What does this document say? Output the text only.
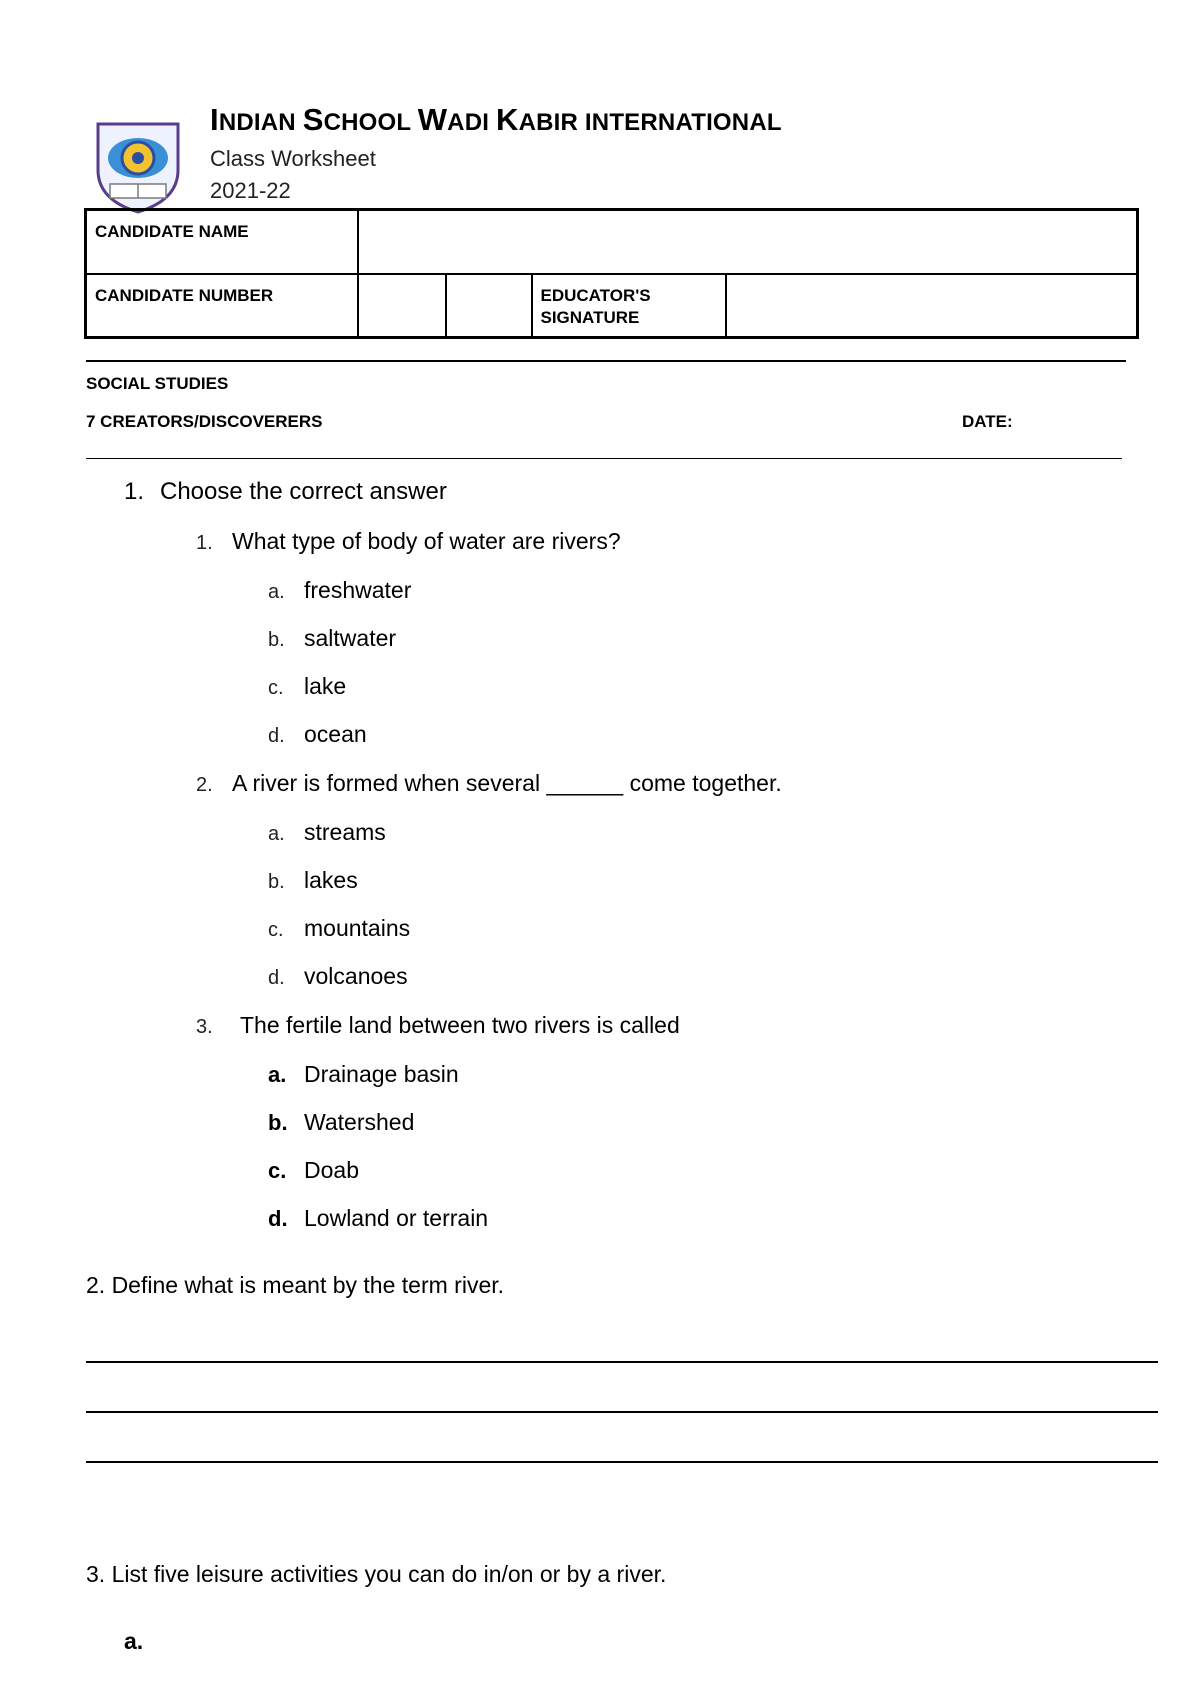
INDIAN SCHOOL WADI KABIR INTERNATIONAL
Class Worksheet
2021-22
CANDIDATE NAME				
CANDIDATE NUMBER			EDUCATOR'S SIGNATURE	
SOCIAL STUDIES
7 CREATORS/DISCOVERERS	DATE:
1. Choose the correct answer
1. What type of body of water are rivers?
a. freshwater
b. saltwater
c. lake
d. ocean
2. A river is formed when several ______ come together.
a. streams
b. lakes
c. mountains
d. volcanoes
3. The fertile land between two rivers is called
a. Drainage basin
b. Watershed
c. Doab
d. Lowland or terrain
2. Define what is meant by the term river.
3. List five leisure activities you can do in/on or by a river.
a.
